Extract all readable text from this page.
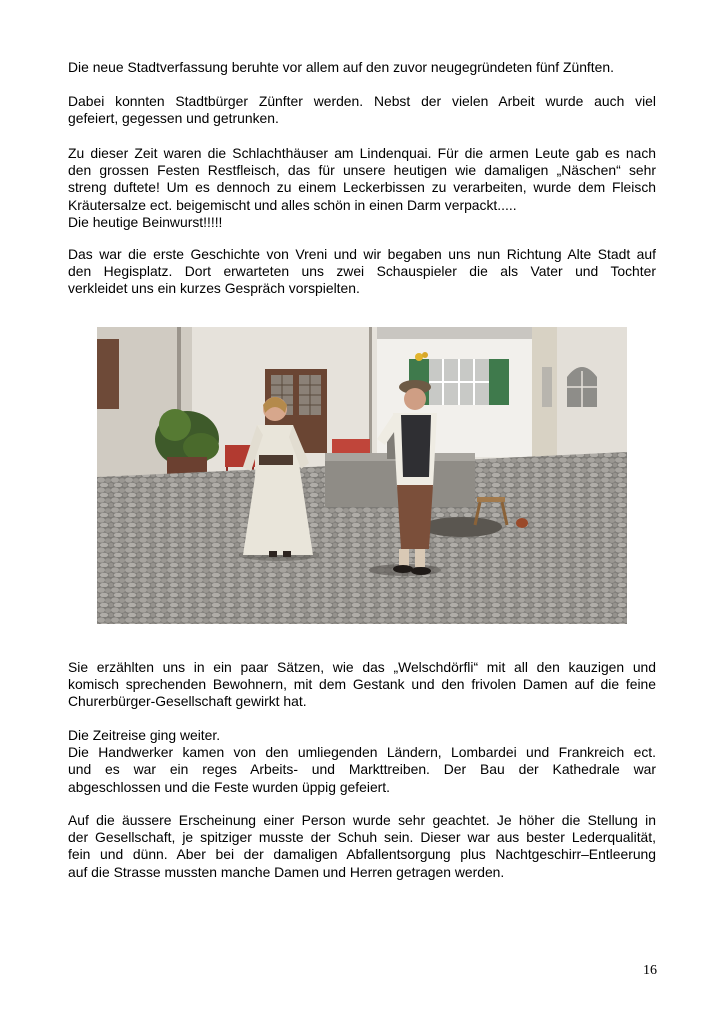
Die neue Stadtverfassung beruhte vor allem auf den zuvor neugegründeten fünf Zünften.

Dabei konnten Stadtbürger Zünfter werden. Nebst der vielen Arbeit wurde auch viel
gefeiert, gegessen und getrunken.

Zu dieser Zeit waren die Schlachthäuser am Lindenquai. Für die armen Leute gab es nach
den grossen Festen Restfleisch, das für unsere heutigen wie damaligen „Näschen“ sehr
streng duftete! Um es dennoch zu einem Leckerbissen zu verarbeiten, wurde dem Fleisch
Kräutersalze ect. beigemischt und alles schön in einen Darm verpackt.....
Die heutige Beinwurst!!!!!

Das war die erste Geschichte von Vreni und wir begaben uns nun Richtung Alte Stadt auf
den Hegisplatz. Dort erwarteten uns zwei Schauspieler die als Vater und Tochter
verkleidet uns ein kurzes Gespräch vorspielten.

Sie erzählten uns in ein paar Sätzen, wie das „Welschdörfli“ mit all den kauzigen und
komisch sprechenden Bewohnern, mit dem Gestank und den frivolen Damen auf die feine
Churerbürger-Gesellschaft gewirkt hat.

Die Zeitreise ging weiter.
Die Handwerker kamen von den umliegenden Ländern, Lombardei und Frankreich ect.
und es war ein reges Arbeits- und Markttreiben. Der Bau der Kathedrale war
abgeschlossen und die Feste wurden üppig gefeiert.

Auf die äussere Erscheinung einer Person wurde sehr geachtet. Je höher die Stellung in
der Gesellschaft, je spitziger musste der Schuh sein. Dieser war aus bester Lederqualität,
fein und dünn. Aber bei der damaligen Abfallentsorgung plus Nachtgeschirr–Entleerung
auf die Strasse mussten manche Damen und Herren getragen werden.

16
